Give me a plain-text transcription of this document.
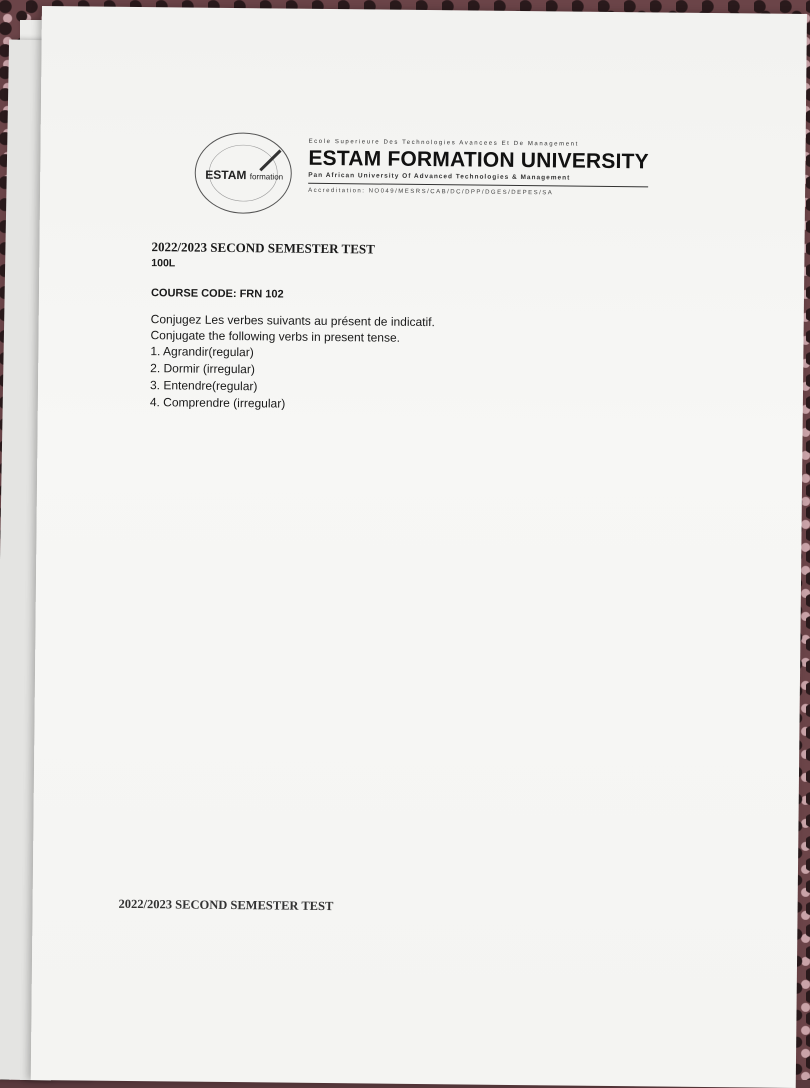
ESTAM formation
Ecole Superieure Des Technologies Avancees Et De Management
ESTAM FORMATION UNIVERSITY
Pan African University Of Advanced Technologies & Management
Accreditation: NO049/MESRS/CAB/DC/DPP/DGES/DEPES/SA
2022/2023 SECOND SEMESTER TEST
100L
COURSE CODE: FRN 102
Conjugez Les verbes suivants au présent de indicatif.
Conjugate the following verbs in present tense.
1. Agrandir(regular)
2. Dormir (irregular)
3. Entendre(regular)
4. Comprendre (irregular)
2022/2023 SECOND SEMESTER TEST
